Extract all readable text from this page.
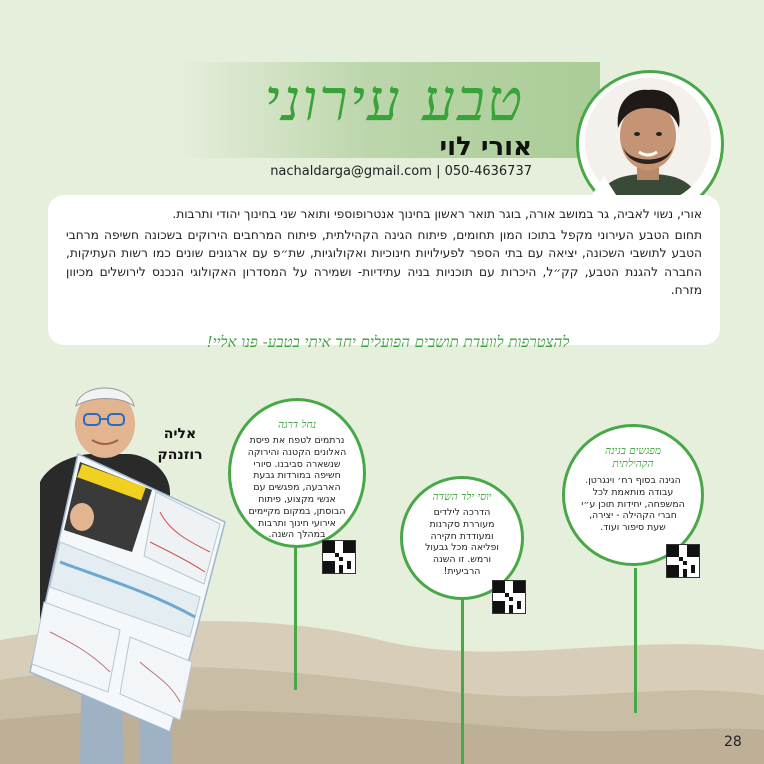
טבע עירוני
אורי לוי
nachaldarga@gmail.com | 050-4636737

אורי, נשוי לאביה, גר במושב אורה, בוגר תואר ראשון בחינוך אנטרופוספי ותואר שני בחינוך יהודי ותרבות.

תחום הטבע העירוני מקפל בתוכו המון תחומים, פיתוח הגינה הקהילתית, פיתוח המרחבים הירוקים בשכונה חשיפה מרחבי הטבע לתושבי השכונה, יציאה עם בתי הספר לפעילויות חינוכיות ואקולוגיות, שת״פ עם ארגונים שונים כמו רשות העתיקות, החברה להגנת הטבע, קק״ל, היכרות עם תוכניות בניה עתידיות- ושמירה על המסדרון האקולוגי הנכנס לירושלים מכיוון מזרח.

להצטרפות לוועדת תושבים הפועלים יחד איתי בטבע- פנו אליי!
אליה
רוזנהק
נחל דרגה
נרתמים לטפח את פיסת האלונים הקטנה והירוקה שנשארה סביבנו. סיורי חשיפה במורדות גבעת הארבעה, מפגשים עם אנשי מקצוע, פיתוח הבוסתן, במקום מקיימים אירועי חינוך ותרבות במהלך השנה.
יוסי ילד השדה
הדרכה לילדים מעוררת סקרנות ומעודדת חקירה ופליאה מכל גבעול ורמש. זו השנה הרביעית!
מפגשים בגינה הקהילתית
הגינה בסוף רח׳ וינגרטן. עבודה מותאמת לכל המשפחה, יחידות תוכן ע״י חברי הקהילה - יצירה, שעת סיפור ועוד.
28
